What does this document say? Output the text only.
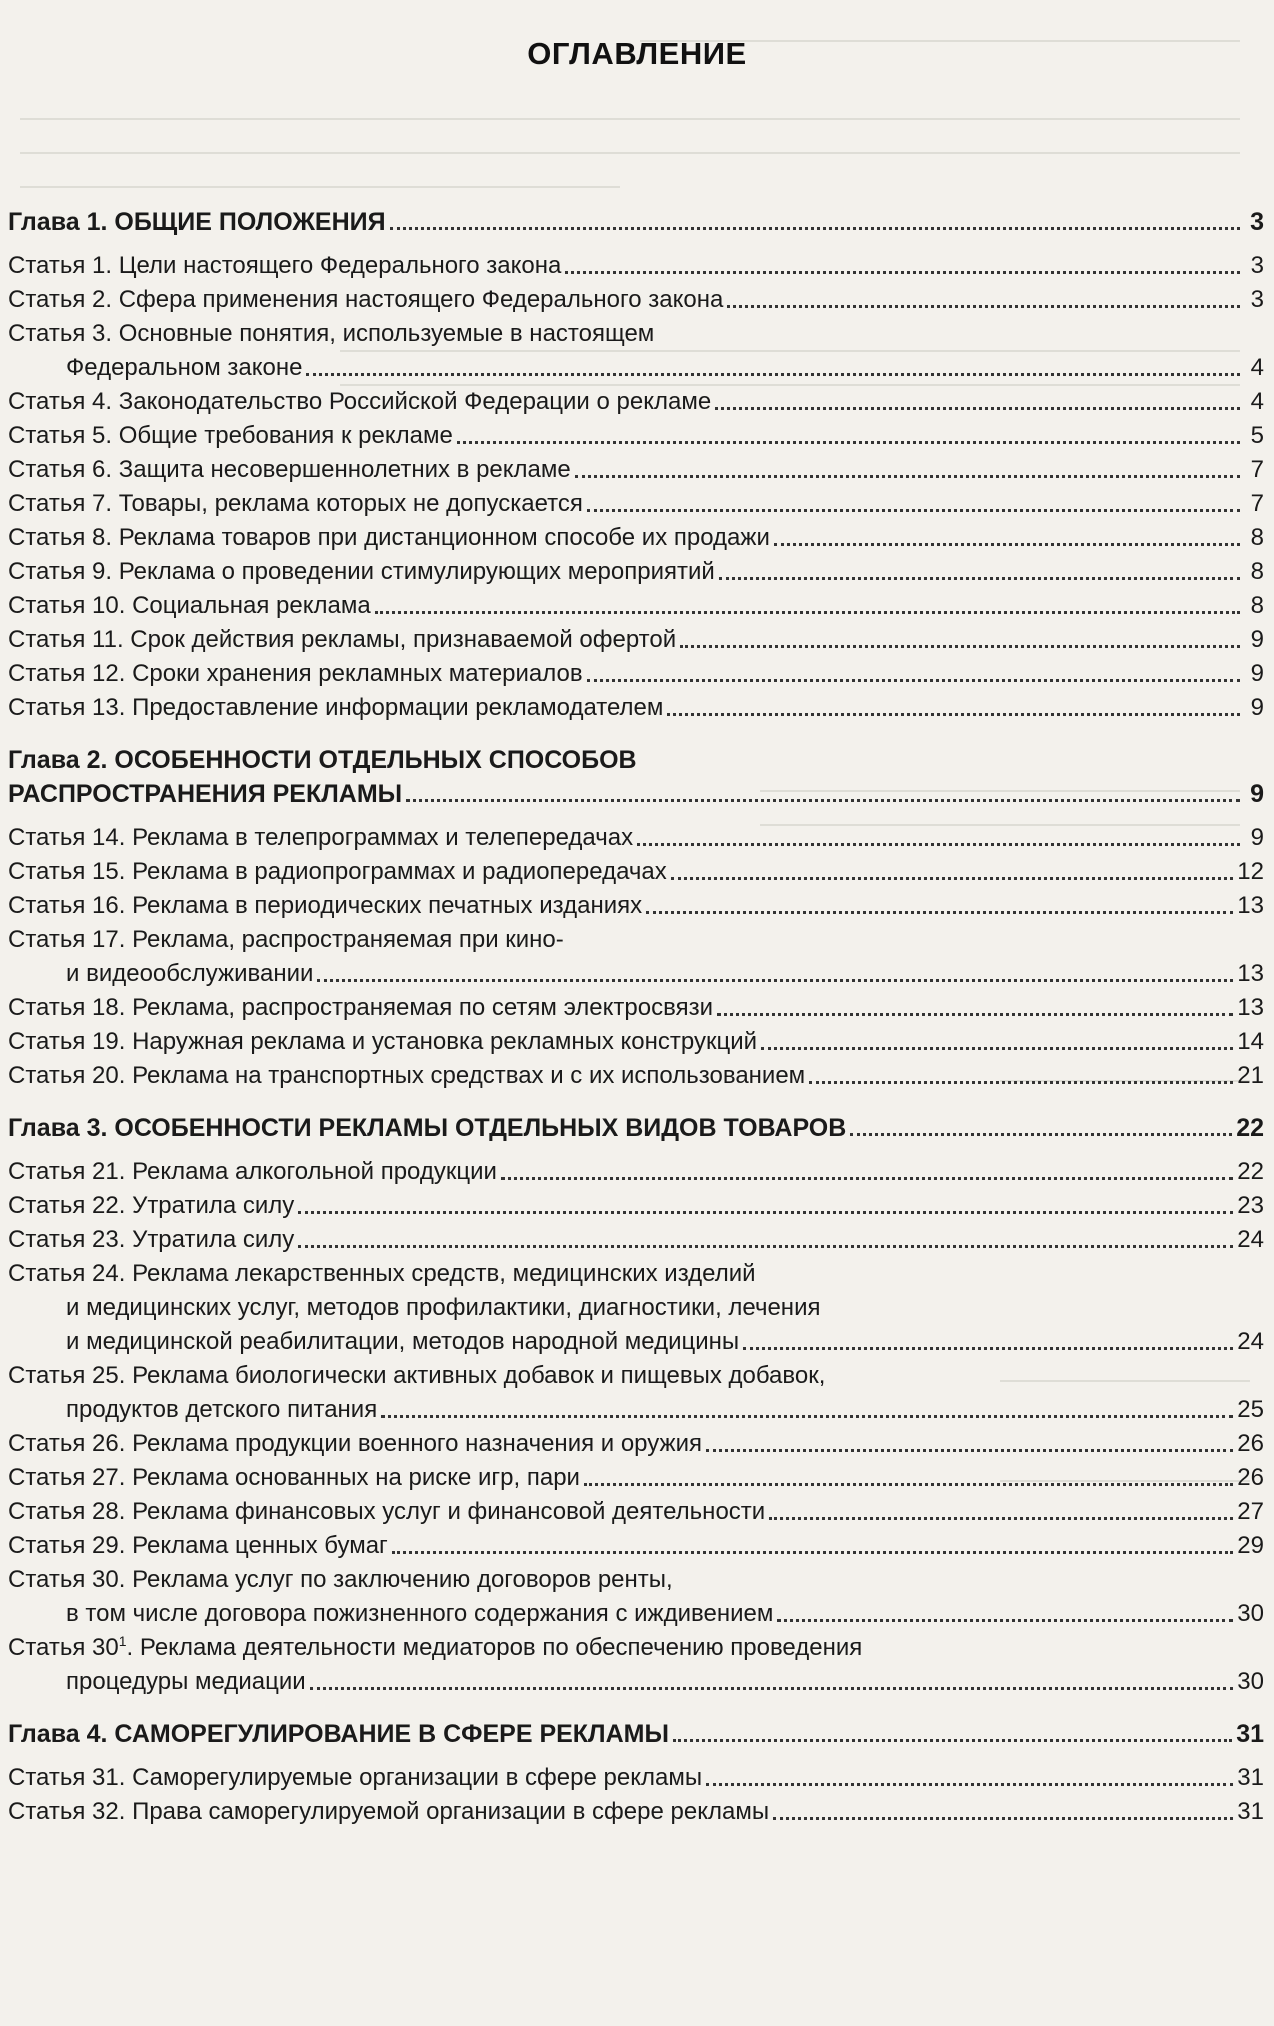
ОГЛАВЛЕНИЕ
Глава 1. ОБЩИЕ ПОЛОЖЕНИЯ	3
Статья 1. Цели настоящего Федерального закона	3
Статья 2. Сфера применения настоящего Федерального закона	3
Статья 3. Основные понятия, используемые в настоящем
Федеральном законе	4
Статья 4. Законодательство Российской Федерации о рекламе	4
Статья 5. Общие требования к рекламе	5
Статья 6. Защита несовершеннолетних в рекламе	7
Статья 7. Товары, реклама которых не допускается	7
Статья 8. Реклама товаров при дистанционном способе их продажи	8
Статья 9. Реклама о проведении стимулирующих мероприятий	8
Статья 10. Социальная реклама	8
Статья 11. Срок действия рекламы, признаваемой офертой	9
Статья 12. Сроки хранения рекламных материалов	9
Статья 13. Предоставление информации рекламодателем	9
Глава 2. ОСОБЕННОСТИ ОТДЕЛЬНЫХ СПОСОБОВ
РАСПРОСТРАНЕНИЯ РЕКЛАМЫ	9
Статья 14. Реклама в телепрограммах и телепередачах	9
Статья 15. Реклама в радиопрограммах и радиопередачах	12
Статья 16. Реклама в периодических печатных изданиях	13
Статья 17. Реклама, распространяемая при кино-
и видеообслуживании	13
Статья 18. Реклама, распространяемая по сетям электросвязи	13
Статья 19. Наружная реклама и установка рекламных конструкций	14
Статья 20. Реклама на транспортных средствах и с их использованием	21
Глава 3. ОСОБЕННОСТИ РЕКЛАМЫ ОТДЕЛЬНЫХ ВИДОВ ТОВАРОВ	22
Статья 21. Реклама алкогольной продукции	22
Статья 22. Утратила силу	23
Статья 23. Утратила силу	24
Статья 24. Реклама лекарственных средств, медицинских изделий
и медицинских услуг, методов профилактики, диагностики, лечения
и медицинской реабилитации, методов народной медицины	24
Статья 25. Реклама биологически активных добавок и пищевых добавок,
продуктов детского питания	25
Статья 26. Реклама продукции военного назначения и оружия	26
Статья 27. Реклама основанных на риске игр, пари	26
Статья 28. Реклама финансовых услуг и финансовой деятельности	27
Статья 29. Реклама ценных бумаг	29
Статья 30. Реклама услуг по заключению договоров ренты,
в том числе договора пожизненного содержания с иждивением	30
Статья $30^1$. Реклама деятельности медиаторов по обеспечению проведения
процедуры медиации	30
Глава 4. САМОРЕГУЛИРОВАНИЕ В СФЕРЕ РЕКЛАМЫ	31
Статья 31. Саморегулируемые организации в сфере рекламы	31
Статья 32. Права саморегулируемой организации в сфере рекламы	31
